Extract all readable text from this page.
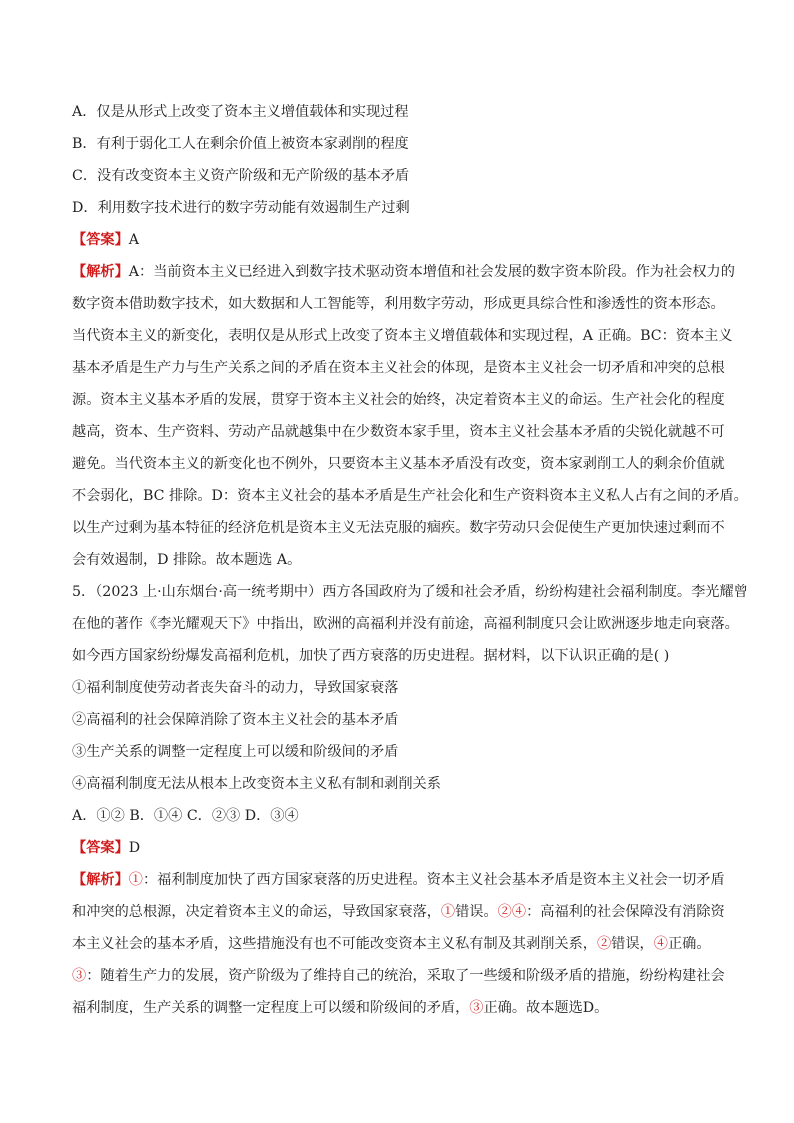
A．仅是从形式上改变了资本主义增值载体和实现过程
B．有利于弱化工人在剩余价值上被资本家剥削的程度
C．没有改变资本主义资产阶级和无产阶级的基本矛盾
D．利用数字技术进行的数字劳动能有效遏制生产过剩
【答案】A
【解析】A：当前资本主义已经进入到数字技术驱动资本增值和社会发展的数字资本阶段。作为社会权力的
数字资本借助数字技术，如大数据和人工智能等，利用数字劳动，形成更具综合性和渗透性的资本形态。
当代资本主义的新变化，表明仅是从形式上改变了资本主义增值载体和实现过程，A 正确。BC：资本主义
基本矛盾是生产力与生产关系之间的矛盾在资本主义社会的体现，是资本主义社会一切矛盾和冲突的总根
源。资本主义基本矛盾的发展，贯穿于资本主义社会的始终，决定着资本主义的命运。生产社会化的程度
越高，资本、生产资料、劳动产品就越集中在少数资本家手里，资本主义社会基本矛盾的尖锐化就越不可
避免。当代资本主义的新变化也不例外，只要资本主义基本矛盾没有改变，资本家剥削工人的剩余价值就
不会弱化，BC 排除。D：资本主义社会的基本矛盾是生产社会化和生产资料资本主义私人占有之间的矛盾。
以生产过剩为基本特征的经济危机是资本主义无法克服的痼疾。数字劳动只会促使生产更加快速过剩而不
会有效遏制，D 排除。故本题选 A。
5．（2023 上·山东烟台·高一统考期中）西方各国政府为了缓和社会矛盾，纷纷构建社会福利制度。李光耀曾
在他的著作《李光耀观天下》中指出，欧洲的高福利并没有前途，高福利制度只会让欧洲逐步地走向衰落。
如今西方国家纷纷爆发高福利危机，加快了西方衰落的历史进程。据材料，以下认识正确的是( )
①福利制度使劳动者丧失奋斗的动力，导致国家衰落
②高福利的社会保障消除了资本主义社会的基本矛盾
③生产关系的调整一定程度上可以缓和阶级间的矛盾
④高福利制度无法从根本上改变资本主义私有制和剥削关系
A．①② B．①④ C．②③ D．③④
【答案】D
【解析】①：福利制度加快了西方国家衰落的历史进程。资本主义社会基本矛盾是资本主义社会一切矛盾
和冲突的总根源，决定着资本主义的命运，导致国家衰落，①错误。②④：高福利的社会保障没有消除资
本主义社会的基本矛盾，这些措施没有也不可能改变资本主义私有制及其剥削关系，②错误，④正确。
③：随着生产力的发展，资产阶级为了维持自己的统治，采取了一些缓和阶级矛盾的措施，纷纷构建社会
福利制度，生产关系的调整一定程度上可以缓和阶级间的矛盾，③正确。故本题选D。
